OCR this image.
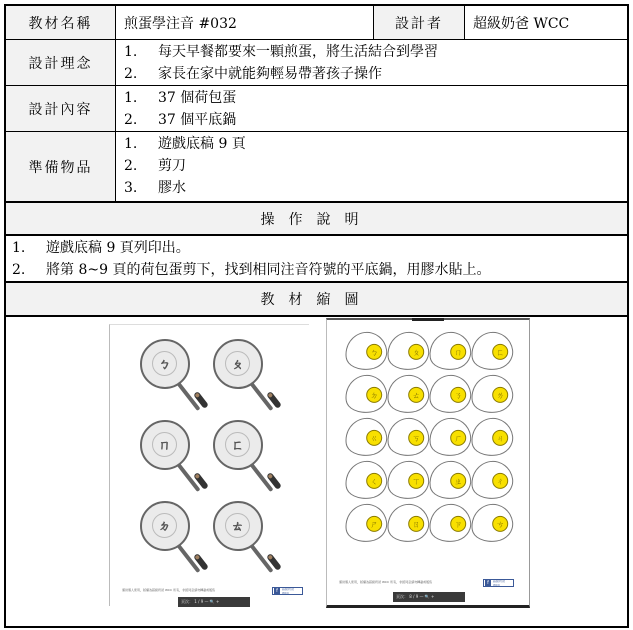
教材名稱 煎蛋學注音 #032	設計者 超級奶爸 WCC
設計理念
1. 每天早餐都要來一顆煎蛋，將生活結合到學習
2. 家長在家中就能夠輕易帶著孩子操作
設計內容
1. 37 個荷包蛋
2. 37 個平底鍋
準備物品
1. 遊戲底稿 9 頁
2. 剪刀
3. 膠水
操作說明
1. 遊戲底稿 9 頁列印出。
2. 將第 8~9 頁的荷包蛋剪下，找到相同注音符號的平底鍋，用膠水貼上。
教材縮圖
ㄅ	ㄆ
ㄇ	ㄈ
ㄉ	ㄊ
僅供個人使用，版權為超級奶爸 WCC 所有，非經同意請勿轉載或販售	f	超級奶爸 WCC
頁次： 1 / 9 — 🔍 +
ㄅ	ㄆ	ㄇ	ㄈ
ㄉ	ㄊ	ㄋ	ㄌ
ㄍ	ㄎ	ㄏ	ㄐ
ㄑ	ㄒ	ㄓ	ㄔ
ㄕ	ㄖ	ㄗ	ㄘ
僅供個人使用，版權為超級奶爸 WCC 所有，非經同意請勿轉載或販售	f	超級奶爸 WCC
頁次： 8 / 9 — 🔍 +
